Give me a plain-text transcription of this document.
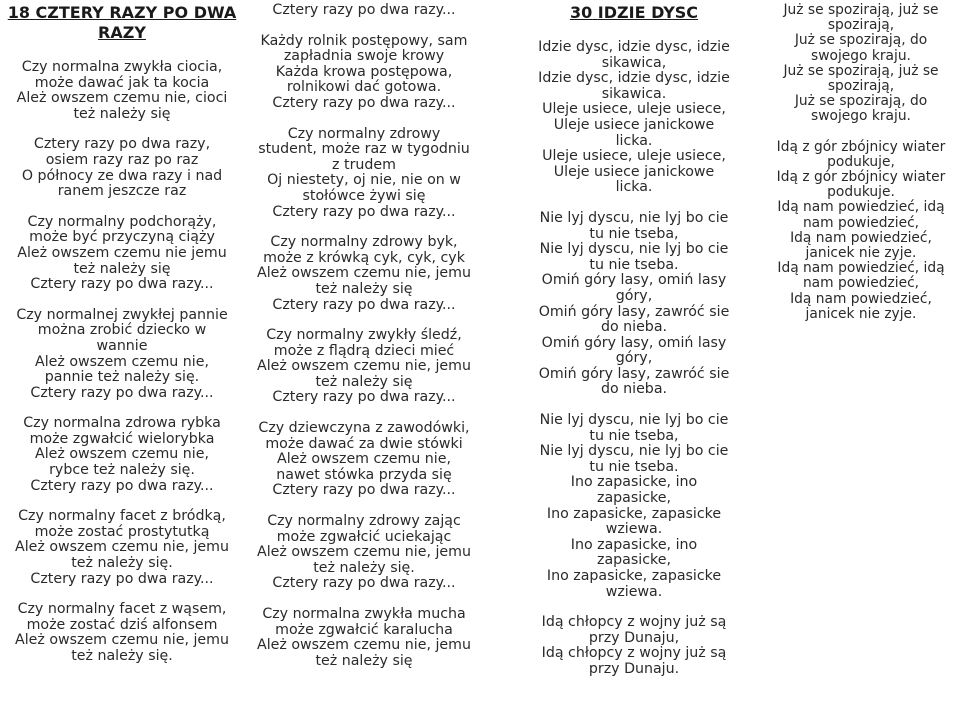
18 CZTERY RAZY PO DWA RAZY
Czy normalna zwykła ciocia,
może dawać jak ta kocia
Ależ owszem czemu nie, cioci
też należy się
Cztery razy po dwa razy,
osiem razy raz po raz
O północy ze dwa razy i nad
ranem jeszcze raz
Czy normalny podchorąży,
może być przyczyną ciąży
Ależ owszem czemu nie jemu
też należy się
Cztery razy po dwa razy...
Czy normalnej zwykłej pannie
można zrobić dziecko w
wannie
Ależ owszem czemu nie,
pannie też należy się.
Cztery razy po dwa razy...
Czy normalna zdrowa rybka
może zgwałcić wielorybka
Ależ owszem czemu nie,
rybce też należy się.
Cztery razy po dwa razy...
Czy normalny facet z bródką,
może zostać prostytutką
Ależ owszem czemu nie, jemu
też należy się.
Cztery razy po dwa razy...
Czy normalny facet z wąsem,
może zostać dziś alfonsem
Ależ owszem czemu nie, jemu
też należy się.
Cztery razy po dwa razy...
Każdy rolnik postępowy, sam
zapładnia swoje krowy
Każda krowa postępowa,
rolnikowi dać gotowa.
Cztery razy po dwa razy...
Czy normalny zdrowy
student, może raz w tygodniu
z trudem
Oj niestety, oj nie, nie on w
stołówce żywi się
Cztery razy po dwa razy...
Czy normalny zdrowy byk,
może z krówką cyk, cyk, cyk
Ależ owszem czemu nie, jemu
też należy się
Cztery razy po dwa razy...
Czy normalny zwykły śledź,
może z flądrą dzieci mieć
Ależ owszem czemu nie, jemu
też należy się
Cztery razy po dwa razy...
Czy dziewczyna z zawodówki,
może dawać za dwie stówki
Ależ owszem czemu nie,
nawet stówka przyda się
Cztery razy po dwa razy...
Czy normalny zdrowy zając
może zgwałcić uciekając
Ależ owszem czemu nie, jemu
też należy się.
Cztery razy po dwa razy...
Czy normalna zwykła mucha
może zgwałcić karalucha
Ależ owszem czemu nie, jemu
też należy się
30 IDZIE DYSC
Idzie dysc, idzie dysc, idzie
sikawica,
Idzie dysc, idzie dysc, idzie
sikawica.
Uleje usiece, uleje usiece,
Uleje usiece janickowe
licka.
Uleje usiece, uleje usiece,
Uleje usiece janickowe
licka.
Nie lyj dyscu, nie lyj bo cie
tu nie tseba,
Nie lyj dyscu, nie lyj bo cie
tu nie tseba.
Omiń góry lasy, omiń lasy
góry,
Omiń góry lasy, zawróć sie
do nieba.
Omiń góry lasy, omiń lasy
góry,
Omiń góry lasy, zawróć sie
do nieba.
Nie lyj dyscu, nie lyj bo cie
tu nie tseba,
Nie lyj dyscu, nie lyj bo cie
tu nie tseba.
Ino zapasicke, ino
zapasicke,
Ino zapasicke, zapasicke
wziewa.
Ino zapasicke, ino
zapasicke,
Ino zapasicke, zapasicke
wziewa.
Idą chłopcy z wojny już są
przy Dunaju,
Idą chłopcy z wojny już są
przy Dunaju.
Już se spozirają, już se
spozirają,
Już se spozirają, do
swojego kraju.
Już se spozirają, już se
spozirają,
Już se spozirają, do
swojego kraju.
Idą z gór zbójnicy wiater
podukuje,
Idą z gór zbójnicy wiater
podukuje.
Idą nam powiedzieć, idą
nam powiedzieć,
Idą nam powiedzieć,
janicek nie zyje.
Idą nam powiedzieć, idą
nam powiedzieć,
Idą nam powiedzieć,
janicek nie zyje.
